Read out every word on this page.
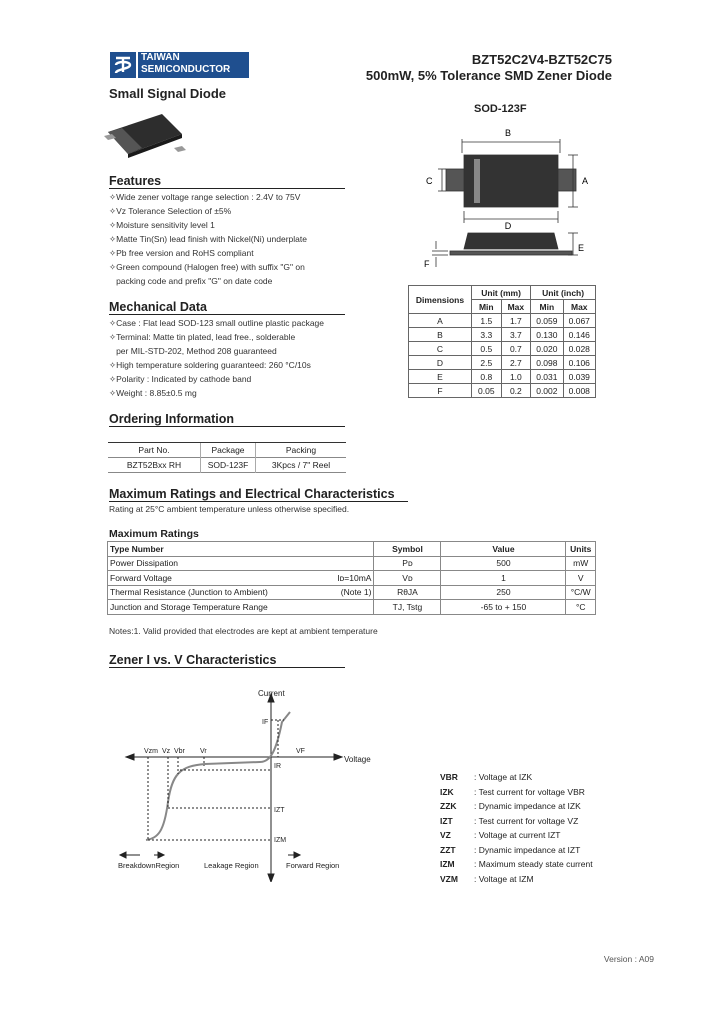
TAIWAN
SEMICONDUCTOR
BZT52C2V4-BZT52C75
500mW, 5% Tolerance SMD Zener Diode
Small Signal Diode
SOD-123F
B
A
C
D
E
F
Dimensions	Unit (mm)		Unit (inch)	
	Min	Max	Min	Max
A	1.5	1.7	0.059	0.067
B	3.3	3.7	0.130	0.146
C	0.5	0.7	0.020	0.028
D	2.5	2.7	0.098	0.106
E	0.8	1.0	0.031	0.039
F	0.05	0.2	0.002	0.008
Features
✧Wide zener voltage range selection : 2.4V to 75V
✧Vz Tolerance Selection of ±5%
✧Moisture sensitivity level 1
✧Matte Tin(Sn) lead finish with Nickel(Ni) underplate
✧Pb free version and RoHS compliant
✧Green compound (Halogen free) with suffix "G" on
packing code and prefix "G" on date code
Mechanical Data
✧Case : Flat lead SOD-123 small outline plastic package
✧Terminal: Matte tin plated, lead free., solderable
per MIL-STD-202, Method 208 guaranteed
✧High temperature soldering guaranteed: 260 °C/10s
✧Polarity : Indicated by cathode band
✧Weight : 8.85±0.5 mg
Ordering Information
Part No.	Package	Packing
BZT52Bxx RH	SOD-123F	3Kpcs / 7" Reel
Maximum Ratings and Electrical Characteristics
Rating at 25°C ambient temperature unless otherwise specified.
Maximum Ratings
Type Number		Symbol	Value	Units
Power Dissipation		Pᴅ	500	mW
Forward Voltage	Iᴅ=10mA	Vᴅ	1	V
Thermal Resistance (Junction to Ambient)	(Note 1)	RθJA	250	°C/W
Junction and Storage Temperature Range		TJ, Tstg	-65 to + 150	°C
Notes:1. Valid provided that electrodes are kept at ambient temperature
Zener I vs. V Characteristics
Current
Voltage
Vzm Vz Vbr Vr	VF
IF
IR
IZT
IZM
BreakdownRegion	Leakage Region	Forward Region
VBR : Voltage at IZK
IZK : Test current for voltage VBR
ZZK : Dynamic impedance at IZK
IZT	: Test current for voltage VZ
VZ	: Voltage at current IZT
ZZT : Dynamic impedance at IZT
IZM : Maximum steady state current
VZM : Voltage at IZM
Version : A09
